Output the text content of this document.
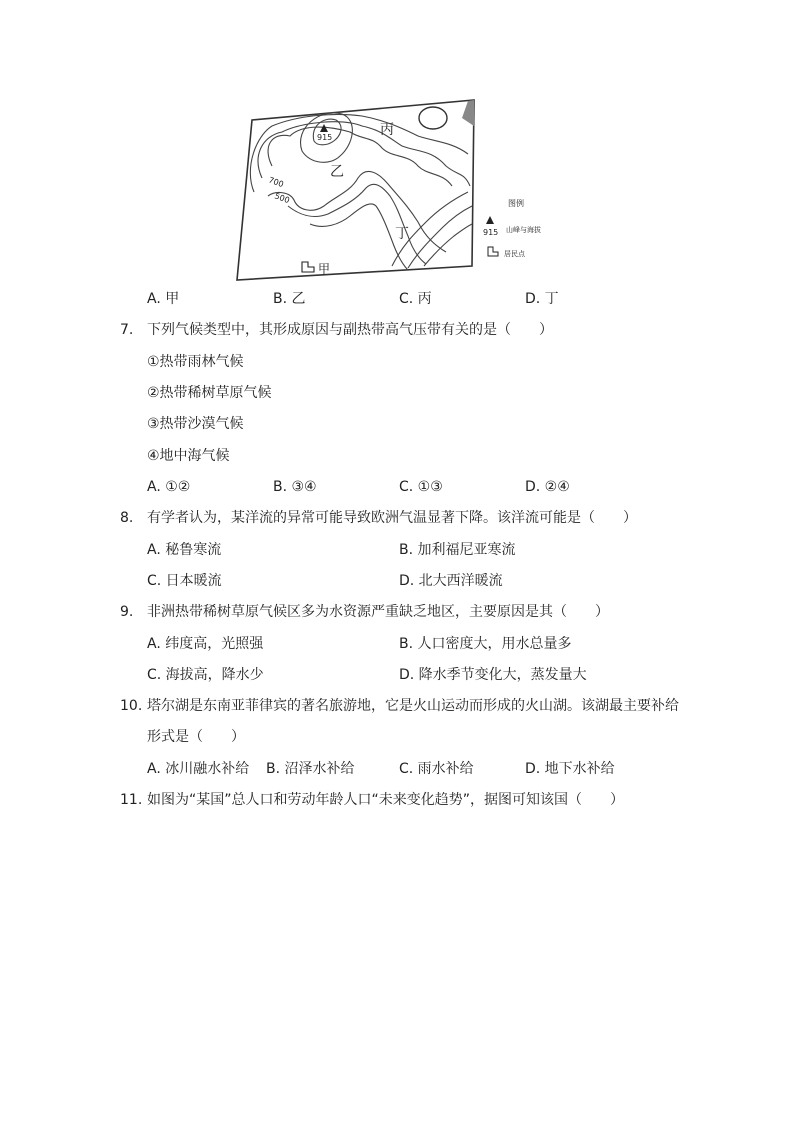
915
700
500
丙
乙
丁
甲
图例
915 山峰与海拔
居民点
A. 甲	B. 乙	C. 丙	D. 丁
7. 下列气候类型中，其形成原因与副热带高气压带有关的是（　　）
①热带雨林气候
②热带稀树草原气候
③热带沙漠气候
④地中海气候
A. ①②	B. ③④	C. ①③	D. ②④
8. 有学者认为，某洋流的异常可能导致欧洲气温显著下降。该洋流可能是（　　）
A. 秘鲁寒流	B. 加利福尼亚寒流
C. 日本暖流	D. 北大西洋暖流
9. 非洲热带稀树草原气候区多为水资源严重缺乏地区，主要原因是其（　　）
A. 纬度高，光照强	B. 人口密度大，用水总量多
C. 海拔高，降水少	D. 降水季节变化大，蒸发量大
10. 塔尔湖是东南亚菲律宾的著名旅游地，它是火山运动而形成的火山湖。该湖最主要补给
形式是（　　）
A. 冰川融水补给 B. 沼泽水补给	C. 雨水补给	D. 地下水补给
11. 如图为“某国”总人口和劳动年龄人口“未来变化趋势”，据图可知该国（　　）
